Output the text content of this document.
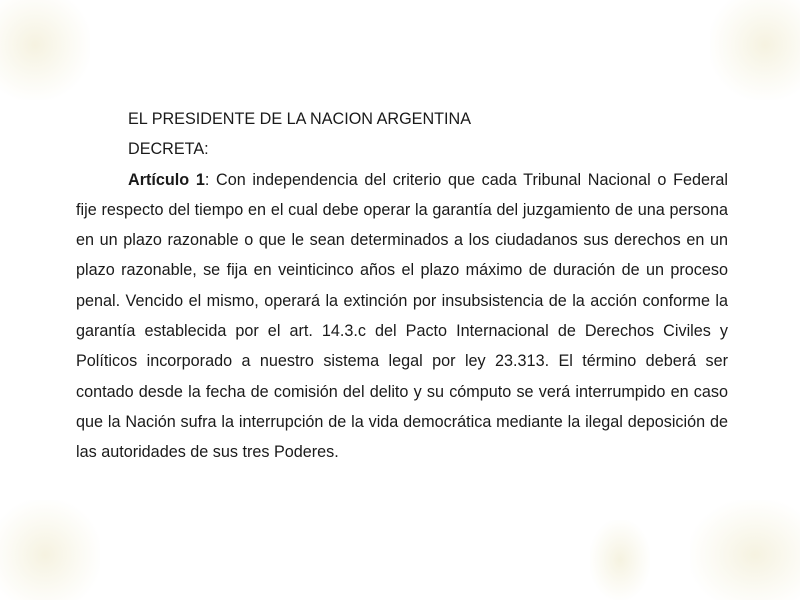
EL PRESIDENTE DE LA NACION ARGENTINA
DECRETA:

Artículo 1: Con independencia del criterio que cada Tribunal Nacional o Federal fije respecto del tiempo en el cual debe operar la garantía del juzgamiento de una persona en un plazo razonable o que le sean determinados a los ciudadanos sus derechos en un plazo razonable, se fija en veinticinco años el plazo máximo de duración de un proceso penal. Vencido el mismo, operará la extinción por insubsistencia de la acción conforme la garantía establecida por el art. 14.3.c del Pacto Internacional de Derechos Civiles y Políticos incorporado a nuestro sistema legal por ley 23.313. El término deberá ser contado desde la fecha de comisión del delito y su cómputo se verá interrumpido en caso que la Nación sufra la interrupción de la vida democrática mediante la ilegal deposición de las autoridades de sus tres Poderes.
